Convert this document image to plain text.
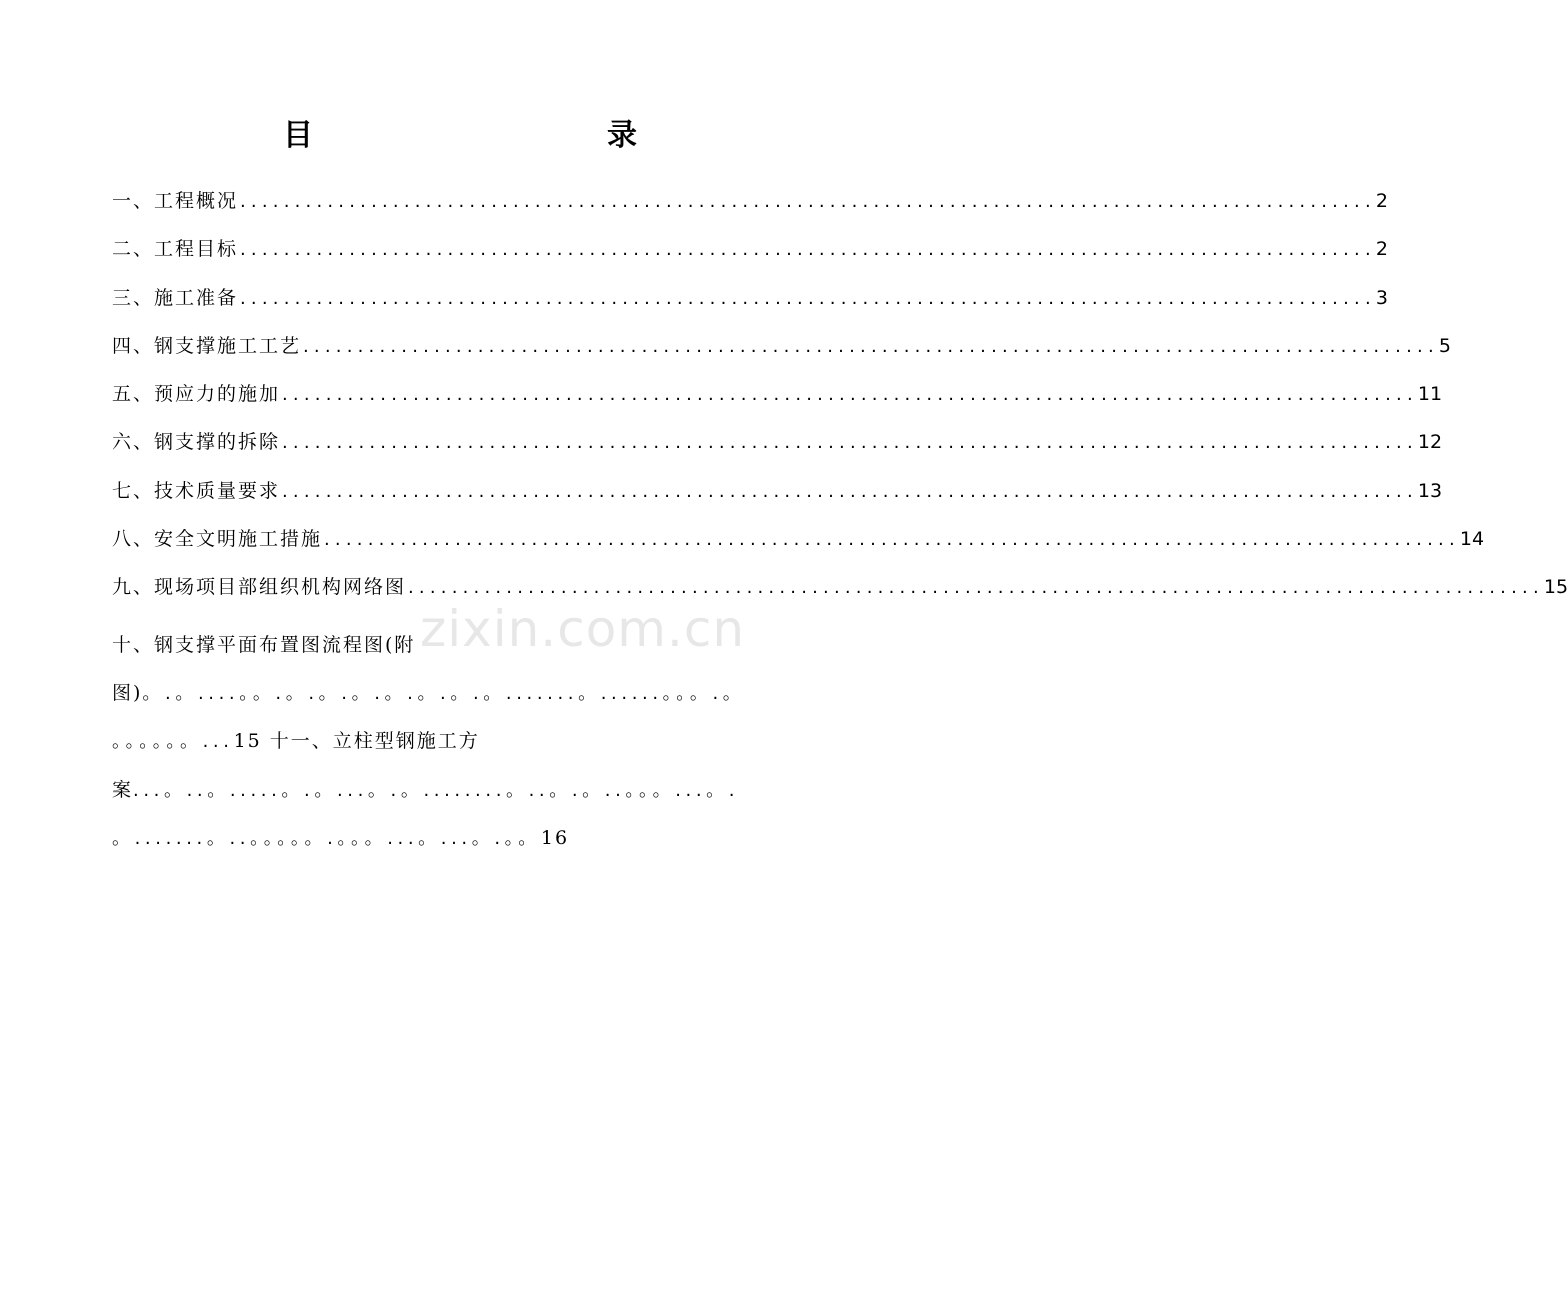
目　　录
一、工程概况 ........................................................................................................ 2
二、工程目标 ........................................................................................................ 2
三、施工准备 ........................................................................................................ 3
四、钢支撑施工工艺 ........................................................................................................ 5
五、预应力的施加 ........................................................................................................ 11
六、钢支撑的拆除 ........................................................................................................ 12
七、技术质量要求 ........................................................................................................ 13
八、安全文明施工措施 ........................................................................................................ 14
九、现场项目部组织机构网络图 ........................................................................................................ 15
十、钢支撑平面布置图流程图(附
图)。.。....。。.。.。.。.。.。.。.。.......。......。。。.。
。。。。。。...15 十一、立柱型钢施工方
案...。..。.....。.。...。.。........。..。.。..。。。...。.
。.......。..。。。。。.。。。...。...。.。。16
zixin.com.cn
